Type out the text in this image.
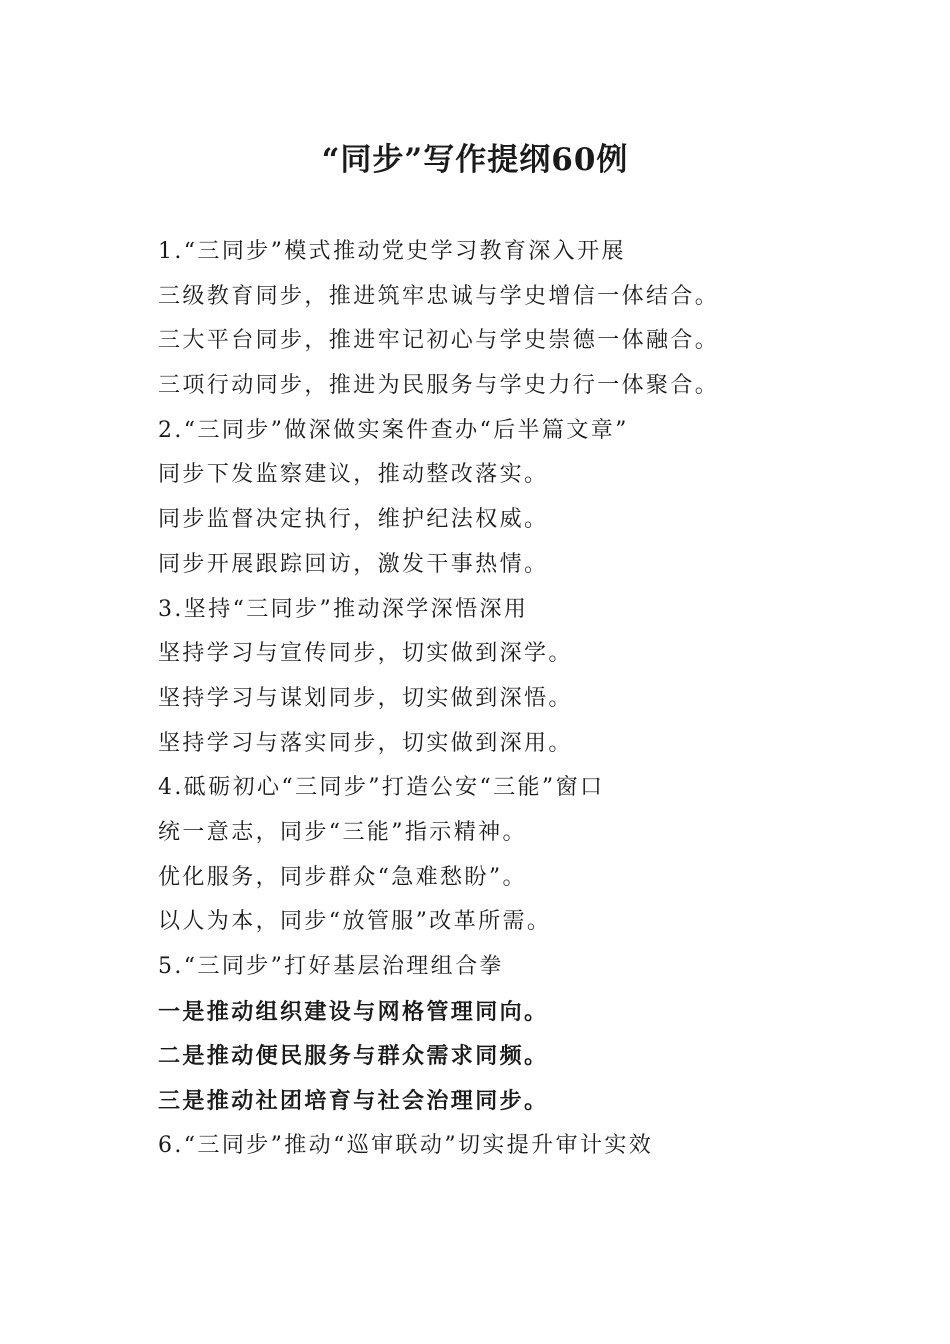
“同步”写作提纲60例
1.“三同步”模式推动党史学习教育深入开展
三级教育同步，推进筑牢忠诚与学史增信一体结合。
三大平台同步，推进牢记初心与学史崇德一体融合。
三项行动同步，推进为民服务与学史力行一体聚合。
2.“三同步”做深做实案件查办“后半篇文章”
同步下发监察建议，推动整改落实。
同步监督决定执行，维护纪法权威。
同步开展跟踪回访，激发干事热情。
3.坚持“三同步”推动深学深悟深用
坚持学习与宣传同步，切实做到深学。
坚持学习与谋划同步，切实做到深悟。
坚持学习与落实同步，切实做到深用。
4.砥砺初心“三同步”打造公安“三能”窗口
统一意志，同步“三能”指示精神。
优化服务，同步群众“急难愁盼”。
以人为本，同步“放管服”改革所需。
5.“三同步”打好基层治理组合拳
一是推动组织建设与网格管理同向。
二是推动便民服务与群众需求同频。
三是推动社团培育与社会治理同步。
6.“三同步”推动“巡审联动”切实提升审计实效
